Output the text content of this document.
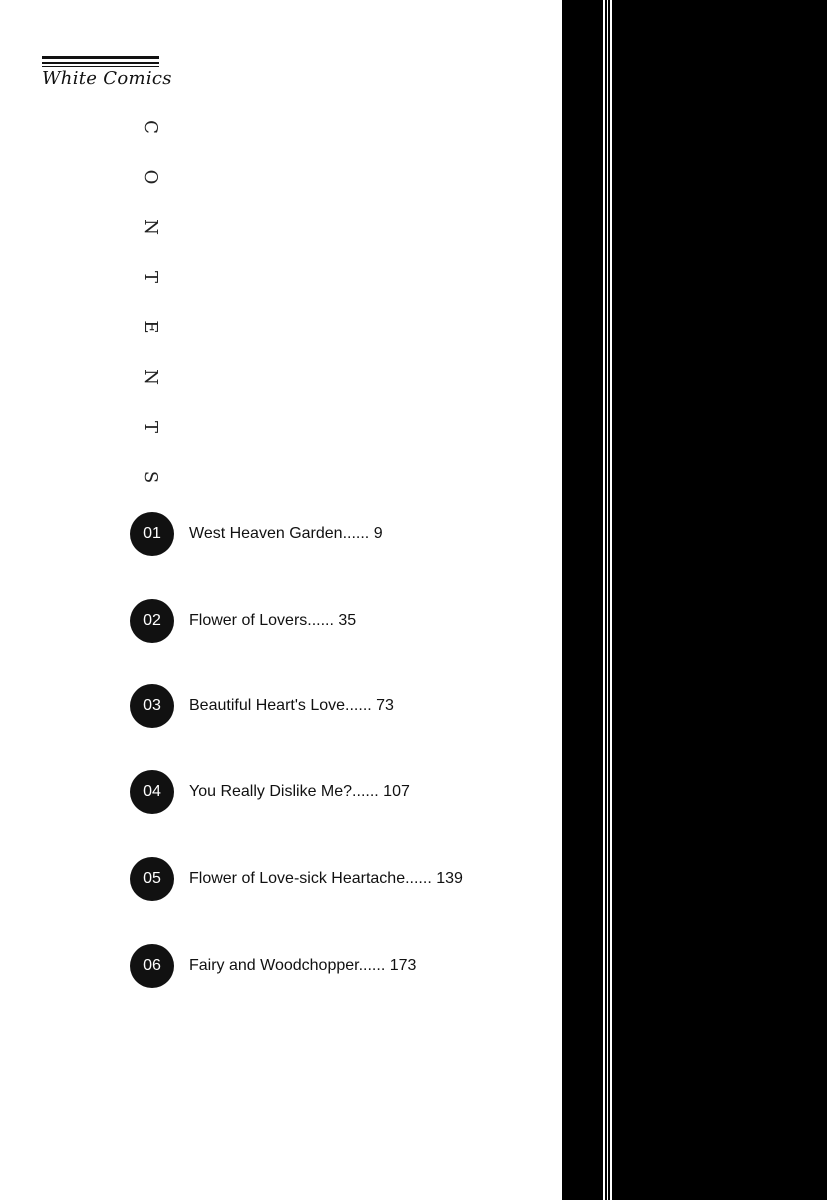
White Comics
C
O
N
T
E
N
T
S
01	West Heaven Garden...... 9
02	Flower of Lovers...... 35
03	Beautiful Heart's Love...... 73
04	You Really Dislike Me?...... 107
05	Flower of Love-sick Heartache...... 139
06	Fairy and Woodchopper...... 173
